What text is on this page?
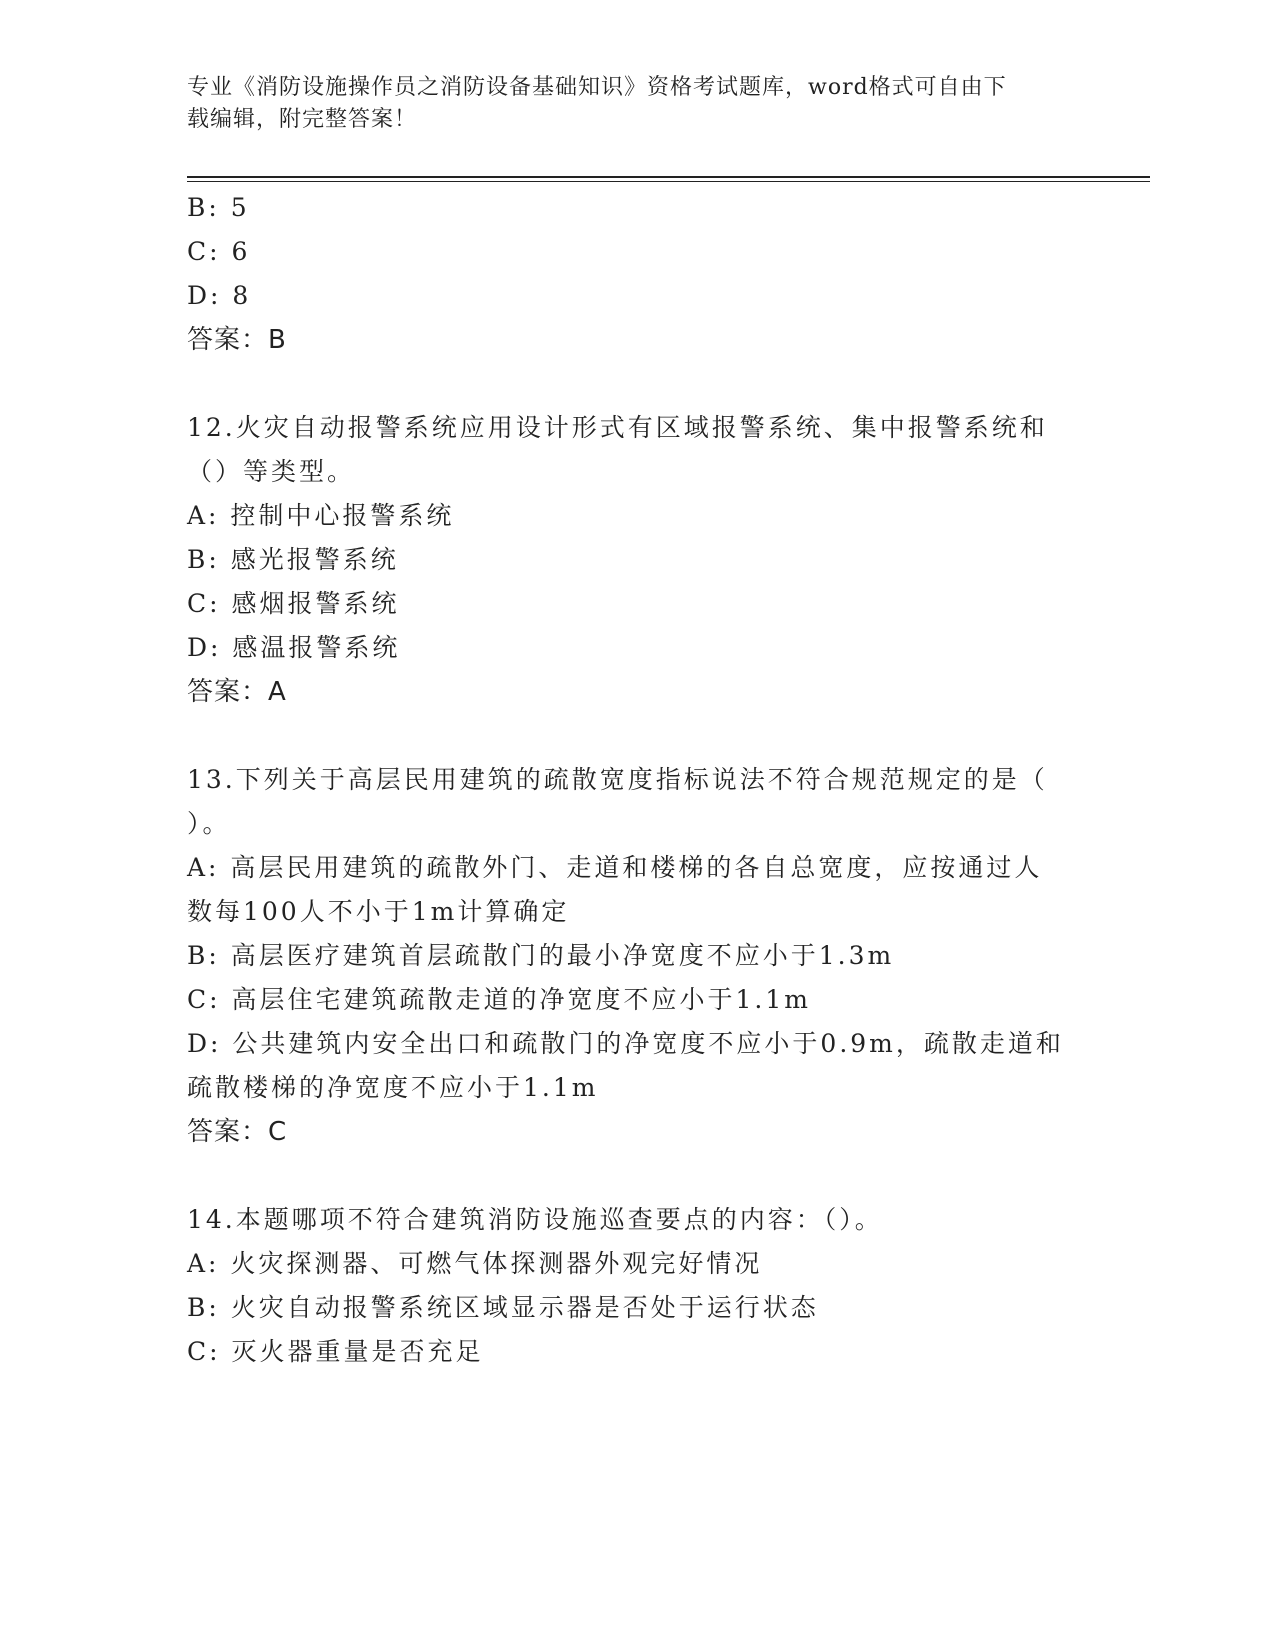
专业《消防设施操作员之消防设备基础知识》资格考试题库，word格式可自由下
载编辑，附完整答案！
B: 5
C: 6
D: 8
答案：B
12.火灾自动报警系统应用设计形式有区域报警系统、集中报警系统和
（）等类型。
A: 控制中心报警系统
B: 感光报警系统
C: 感烟报警系统
D: 感温报警系统
答案：A
13.下列关于高层民用建筑的疏散宽度指标说法不符合规范规定的是（
）。
A: 高层民用建筑的疏散外门、走道和楼梯的各自总宽度，应按通过人
数每100人不小于1m计算确定
B: 高层医疗建筑首层疏散门的最小净宽度不应小于1.3m
C: 高层住宅建筑疏散走道的净宽度不应小于1.1m
D: 公共建筑内安全出口和疏散门的净宽度不应小于0.9m，疏散走道和
疏散楼梯的净宽度不应小于1.1m
答案：C
14.本题哪项不符合建筑消防设施巡查要点的内容：（）。
A: 火灾探测器、可燃气体探测器外观完好情况
B: 火灾自动报警系统区域显示器是否处于运行状态
C: 灭火器重量是否充足
